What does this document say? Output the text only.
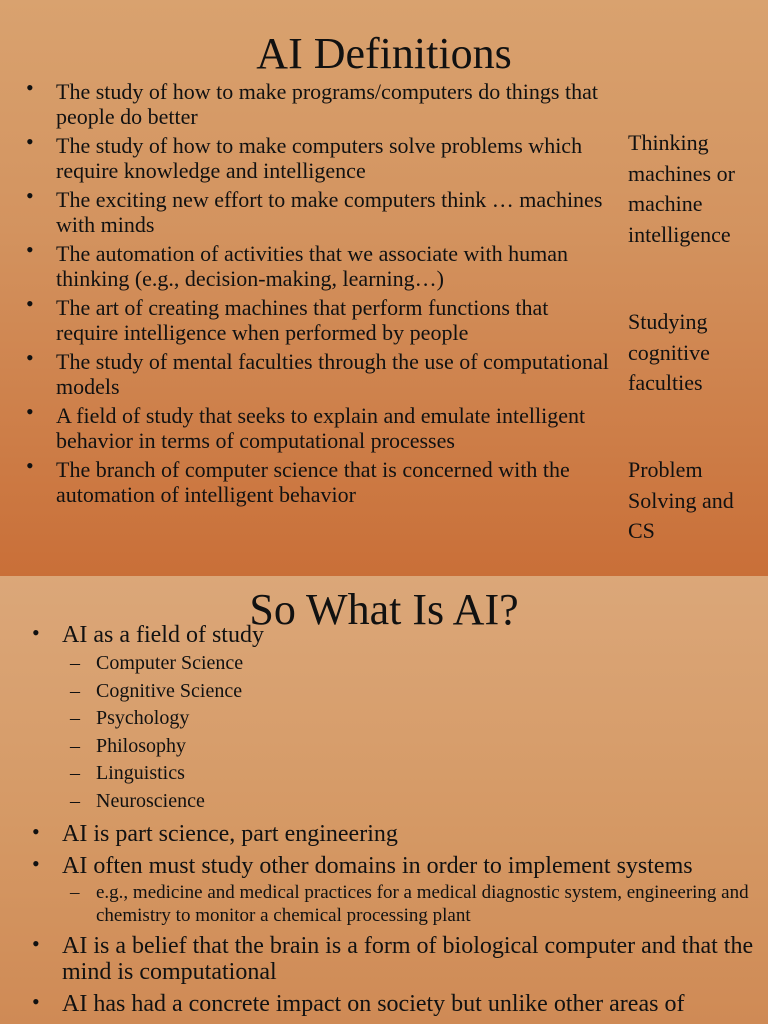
AI Definitions
• The study of how to make programs/computers do things that people do better
• The study of how to make computers solve problems which require knowledge and intelligence
• The exciting new effort to make computers think … machines with minds
• The automation of activities that we associate with human thinking (e.g., decision-making, learning…)
• The art of creating machines that perform functions that require intelligence when performed by people
• The study of mental faculties through the use of computational models
• A field of study that seeks to explain and emulate intelligent behavior in terms of computational processes
• The branch of computer science that is concerned with the automation of intelligent behavior
Thinking machines or machine intelligence
Studying cognitive faculties
Problem Solving and CS
So What Is AI?
• AI as a field of study
– Computer Science
– Cognitive Science
– Psychology
– Philosophy
– Linguistics
– Neuroscience
• AI is part science, part engineering
• AI often must study other domains in order to implement systems
– e.g., medicine and medical practices for a medical diagnostic system, engineering and chemistry to monitor a chemical processing plant
• AI is a belief that the brain is a form of biological computer and that the mind is computational
• AI has had a concrete impact on society but unlike other areas of
